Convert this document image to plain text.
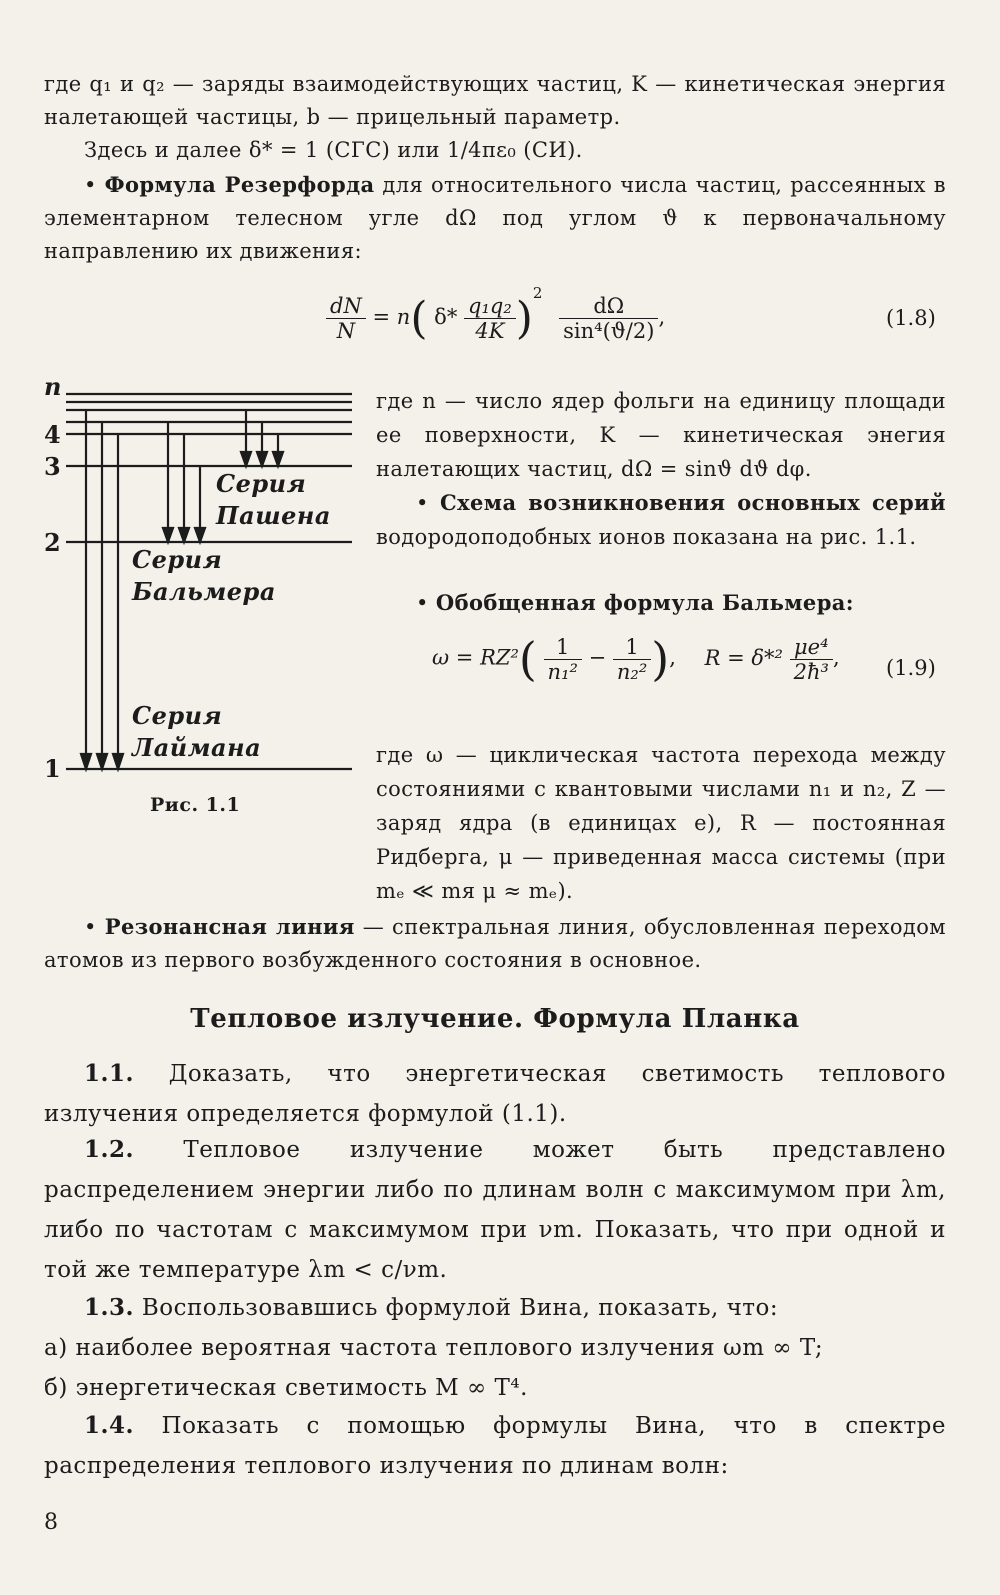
где q₁ и q₂ — заряды взаимодействующих частиц, K — кинетическая энергия налетающей частицы, b — прицельный параметр.
Здесь и далее δ* = 1 (СГС) или 1/4πε₀ (СИ).
• Формула Резерфорда для относительного числа частиц, рассеянных в элементарном телесном угле dΩ под углом ϑ к первоначальному направлению их движения:
$\frac{dN}{N} = n$( $\delta* \frac{\text{q₁q₂}}{4K} )^2$
$\frac{d\Omega}{\text{sin⁴(ϑ/2)}}$ ,	(1.8)
где n — число ядер фольги на единицу площади ее поверхности, K — кинетическая энегия налетающих частиц, dΩ = sinϑ dϑ dφ.
• Схема возникновения основных серий водородоподобных ионов показана на рис. 1.1.
• Обобщенная формула Бальмера:
$\omega = RZ^2( \frac{1}{\text{n₁²}} - \frac{1}{\text{n₂²}}$ ), $R = \delta*^2 \frac{\text{μe⁴}}{\text{2ħ³}}$ , (1.9)
где ω — циклическая частота перехода между состояниями с квантовыми числами n₁ и n₂, Z — заряд ядра (в единицах e), R — постоянная Ридберга, μ — приведенная масса системы (при mₑ ≪ mя μ ≈ mₑ).
n
4
3
2
1
Серия
Пашена
Серия
Бальмера
Серия
Лаймана
Рис. 1.1
• Резонансная линия — спектральная линия, обусловленная переходом атомов из первого возбужденного состояния в основное.
Тепловое излучение. Формула Планка
1.1. Доказать, что энергетическая светимость теплового излучения определяется формулой (1.1).
1.2. Тепловое излучение может быть представлено распределением энергии либо по длинам волн с максимумом при λm, либо по частотам с максимумом при νm. Показать, что при одной и той же температуре λm < c/νm.
1.3. Воспользовавшись формулой Вина, показать, что:
а) наиболее вероятная частота теплового излучения ωm ∞ T;
б) энергетическая светимость M ∞ T⁴.
1.4. Показать с помощью формулы Вина, что в спектре распределения теплового излучения по длинам волн:
8
